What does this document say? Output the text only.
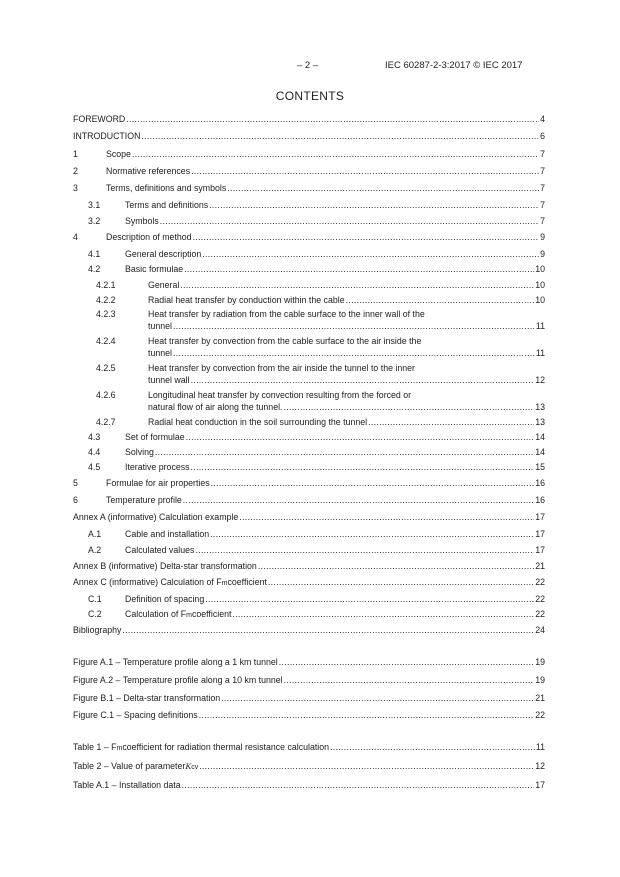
– 2 –	IEC 60287-2-3:2017 © IEC 2017
CONTENTS
FOREWORD .....	4
INTRODUCTION .....	6
1	Scope .....	7
2	Normative references .....	7
3	Terms, definitions and symbols .....	7
3.1	Terms and definitions .....	7
3.2	Symbols .....	7
4	Description of method .....	9
4.1	General description .....	9
4.2	Basic formulae .....	10
4.2.1	General .....	10
4.2.2	Radial heat transfer by conduction within the cable .....	10
4.2.3	Heat transfer by radiation from the cable surface to the inner wall of the
tunnel .....	11
4.2.4	Heat transfer by convection from the cable surface to the air inside the
tunnel .....	11
4.2.5	Heat transfer by convection from the air inside the tunnel to the inner
tunnel wall .....	12
4.2.6	Longitudinal heat transfer by convection resulting from the forced or
natural flow of air along the tunnel. .....	13
4.2.7	Radial heat conduction in the soil surrounding the tunnel .....	13
4.3	Set of formulae .....	14
4.4	Solving .....	14
4.5	Iterative process .....	15
5	Formulae for air properties .....	16
6	Temperature profile .....	16
Annex A (informative) Calculation example .....	17
A.1	Cable and installation .....	17
A.2	Calculated values .....	17
Annex B (informative) Delta-star transformation .....	21
Annex C (informative) Calculation of F m coefficient .....	22
C.1	Definition of spacing .....	22
C.2	Calculation of F m coefficient .....	22
Bibliography .....	24
Figure A.1 – Temperature profile along a 1 km tunnel .....	19
Figure A.2 – Temperature profile along a 10 km tunnel .....	19
Figure B.1 – Delta-star transformation .....	21
Figure C.1 – Spacing definitions .....	22
Table 1 – F m coefficient for radiation thermal resistance calculation .....	11
Table 2 – Value of parameter K cv .....	12
Table A.1 – Installation data .....	17
